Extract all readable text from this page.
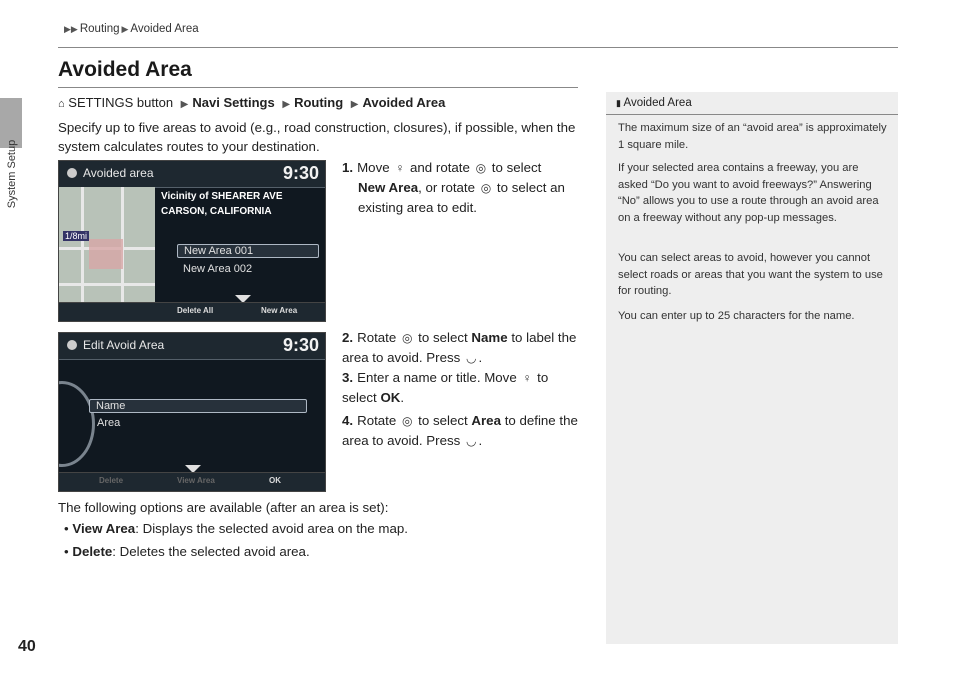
System Setup
40
▶▶ Routing ▶ Avoided Area
Avoided Area
⌂ SETTINGS button ▶ Navi Settings ▶ Routing ▶ Avoided Area
Specify up to five areas to avoid (e.g., road construction, closures), if possible, when the system calculates routes to your destination.
Avoided area	9:30
1/8mi
Vicinity of SHEARER AVE
CARSON, CALIFORNIA
New Area 001
New Area 002
Delete All	New Area
Edit Avoid Area	9:30
Name
Area
Delete	View Area	OK
1. Move ♀ and rotate ◎ to select
New Area, or rotate ◎ to select an existing area to edit.
2. Rotate ◎ to select Name to label the area to avoid. Press ◡ .
3. Enter a name or title. Move ♀ to select OK.
4. Rotate ◎ to select Area to define the area to avoid. Press ◡ .
The following options are available (after an area is set):
• View Area: Displays the selected avoid area on the map.
• Delete: Deletes the selected avoid area.
▮ Avoided Area
The maximum size of an “avoid area” is approximately 1 square mile.
If your selected area contains a freeway, you are asked “Do you want to avoid freeways?” Answering “No” allows you to use a route through an avoid area on a freeway without any pop-up messages.
You can select areas to avoid, however you cannot select roads or areas that you want the system to use for routing.
You can enter up to 25 characters for the name.
